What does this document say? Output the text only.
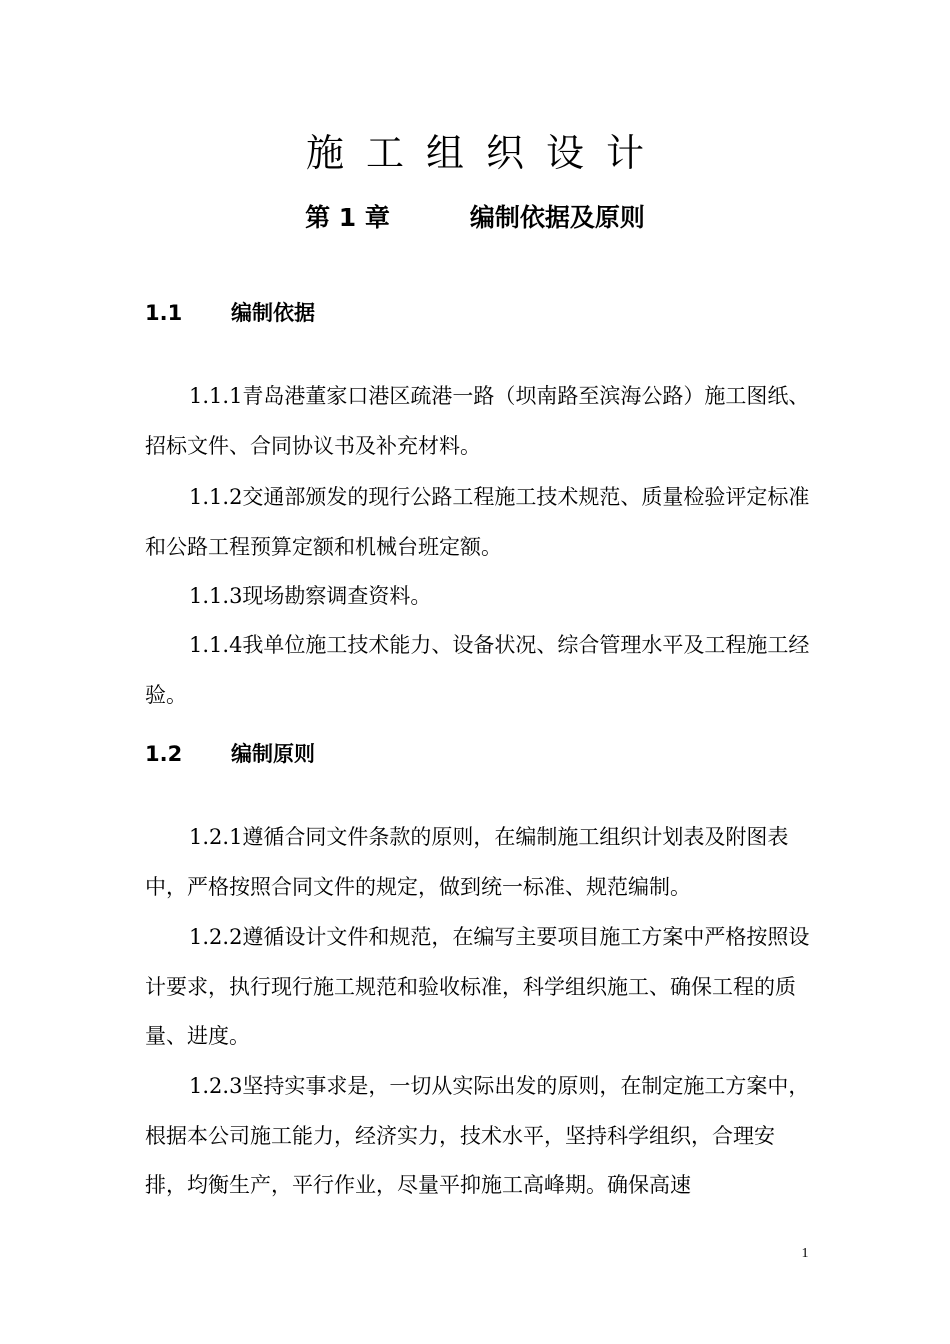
施工组织设计
第 1 章	编制依据及原则
1.1 编制依据

1.1.1青岛港董家口港区疏港一路（坝南路至滨海公路）施工图纸、招标文件、合同协议书及补充材料。

1.1.2交通部颁发的现行公路工程施工技术规范、质量检验评定标准和公路工程预算定额和机械台班定额。

1.1.3现场勘察调查资料。

1.1.4我单位施工技术能力、设备状况、综合管理水平及工程施工经验。

1.2 编制原则

1.2.1遵循合同文件条款的原则，在编制施工组织计划表及附图表中，严格按照合同文件的规定，做到统一标准、规范编制。

1.2.2遵循设计文件和规范，在编写主要项目施工方案中严格按照设计要求，执行现行施工规范和验收标准，科学组织施工、确保工程的质量、进度。

1.2.3坚持实事求是，一切从实际出发的原则，在制定施工方案中，根据本公司施工能力，经济实力，技术水平，坚持科学组织，合理安排，均衡生产，平行作业，尽量平抑施工高峰期。确保高速

1
